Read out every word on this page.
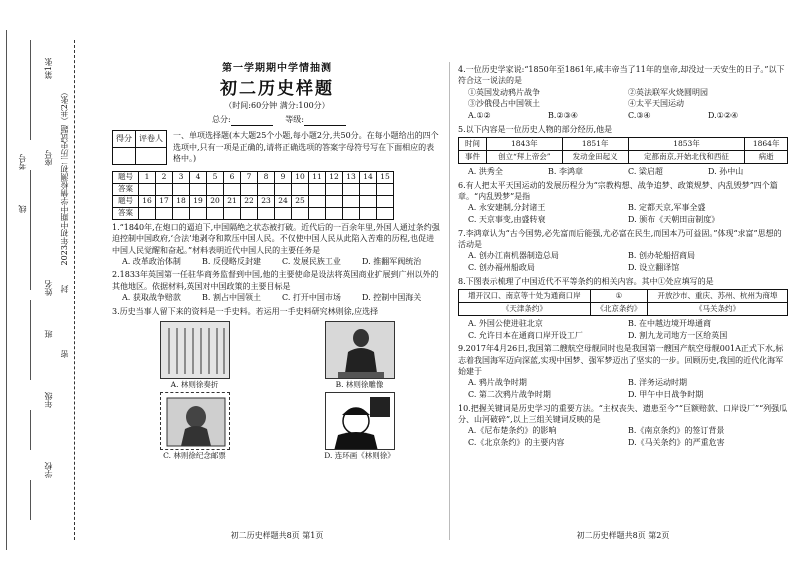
第1张
2023年初中期中学情检测初二历史试题（共2张）
考号
线
座号
姓名 封
班
密
年级
学校
第一学期期中学情抽测
初二历史样题
（时间:60分钟 满分:100分）
总分:	等级:
得分	评卷人
	一、单项选择题(本大题25个小题,每小题2分,共50分。在每小题给出的四个选项中,只有一项是正确的,请将正确选项的答案字母符号写在下面相应的表格中。)
题号	1	2	3	4	5	6	7	8	9	10	11	12	13	14	15
答案															
题号	16	17	18	19	20	21	22	23	24	25					
答案															
1.“1840年,在炮口的逼迫下,中国隔绝之状态被打破。近代后的一百余年里,外国人通过条约强迫控制中国政府,‘合法’地剥夺和欺压中国人民。不仅使中国人民从此陷入苦难的历程,也促进中国人民觉醒和奋起。”材料表明近代中国人民的主要任务是
A. 改革政治体制	B. 反侵略反封建	C. 发展民族工业	D. 推翻军阀统治
2.1833年英国第一任驻华商务监督到中国,他的主要使命是设法将英国商业扩展到广州以外的其他地区。依据材料,英国对中国政策的主要目标是
A. 获取战争赔款	B. 割占中国领土	C. 打开中国市场	D. 控制中国海关
3.历史当事人留下来的资料是一手史料。若运用一手史料研究林则徐,应选择
A. 林则徐奏折	B. 林则徐雕像
C. 林则徐纪念邮票	D. 连环画《林则徐》
初二历史样题共8页 第1页
4.一位历史学家说:“1850年至1861年,咸丰帝当了11年的皇帝,却没过一天安生的日子。”以下符合这一说法的是
①英国发动鸦片战争	②英法联军火烧圆明园
③沙俄侵占中国领土	④太平天国运动
A.①②	B.②③④	C.③④	D.①②④
5.以下内容是一位历史人物的部分经历,他是
时间	1843年	1851年	1853年	1864年
事件	创立“拜上帝会”	发动金田起义	定都南京,开始北伐和西征	病逝
A. 洪秀全	B. 李鸿章	C. 梁启超	D. 孙中山
6.有人把太平天国运动的发展历程分为“宗教构想、战争追梦、政策规梦、内乱毁梦”四个篇章。“内乱毁梦”是指
A. 永安建制,分封诸王	B. 定都天京,军事全盛
C. 天京事变,由盛转衰	D. 颁布《天朝田亩制度》
7.李鸿章认为“古今国势,必先富而后能强,尤必富在民生,而国本乃可益固。”体现“求富”思想的活动是
A. 创办江南机器制造总局	B. 创办轮船招商局
C. 创办福州船政局	D. 设立翻译馆
8.下图表示梳理了中国近代不平等条约的相关内容。其中①处应填写的是
增开汉口、南京等十处为通商口岸	①	开放沙市、重庆、苏州、杭州为商埠
《天津条约》	《北京条约》	《马关条约》
A. 外国公使进驻北京	B. 在中越边境开埠通商
C. 允许日本在通商口岸开设工厂	D. 割九龙司地方一区给英国
9.2017年4月26日,我国第二艘航空母舰同时也是我国第一艘国产航空母舰001A正式下水,标志着我国海军迈向深蓝,实现中国梦、强军梦迈出了坚实的一步。回顾历史,我国的近代化海军始建于
A. 鸦片战争时期	B. 洋务运动时期
C. 第二次鸦片战争时期	D. 甲午中日战争时期
10.把握关键词是历史学习的重要方法。“主权丧失、遗患至今”“巨额赔款、口岸设厂”“列强瓜分、山河破碎”,以上三组关键词反映的是
A.《尼布楚条约》的影响	B.《南京条约》的签订背景
C.《北京条约》的主要内容	D.《马关条约》的严重危害
初二历史样题共8页 第2页
